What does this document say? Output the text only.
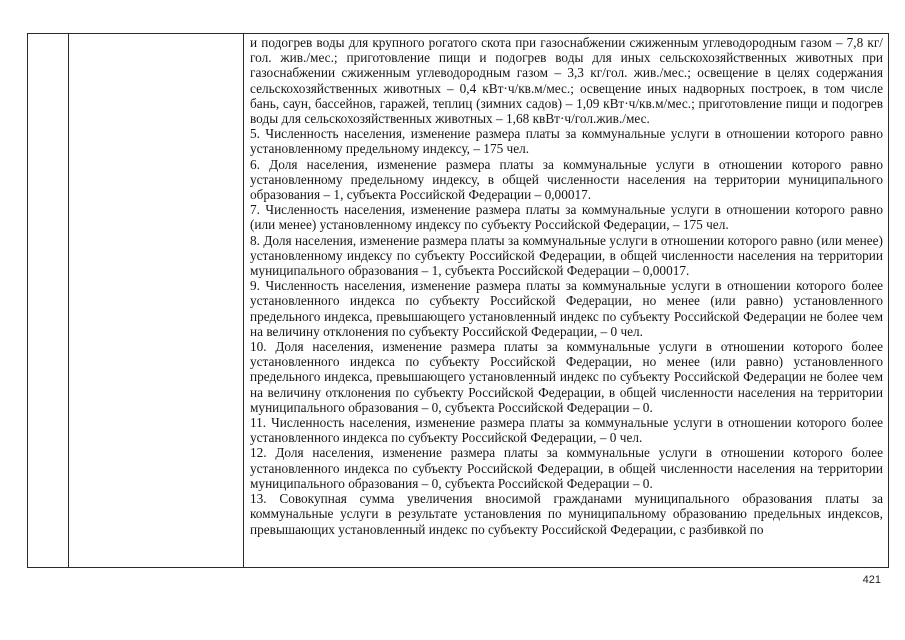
и подогрев воды для крупного рогатого скота при газоснабжении сжиженным углеводородным газом – 7,8 кг/гол. жив./мес.; приготовление пищи и подогрев воды для иных сельскохозяйственных животных при газоснабжении сжиженным углеводородным газом – 3,3 кг/гол. жив./мес.; освещение в целях содержания сельскохозяйственных животных – 0,4 кВт·ч/кв.м/мес.; освещение иных надворных построек, в том числе бань, саун, бассейнов, гаражей, теплиц (зимних садов) – 1,09 кВт·ч/кв.м/мес.; приготовление пищи и подогрев воды для сельскохозяйственных животных – 1,68 квВт·ч/гол.жив./мес.

5. Численность населения, изменение размера платы за коммунальные услуги в отношении которого равно установленному предельному индексу, – 175 чел.

6. Доля населения, изменение размера платы за коммунальные услуги в отношении которого равно установленному предельному индексу, в общей численности населения на территории муниципального образования – 1, субъекта Российской Федерации – 0,00017.

7. Численность населения, изменение размера платы за коммунальные услуги в отношении которого равно (или менее) установленному индексу по субъекту Российской Федерации, – 175 чел.

8. Доля населения, изменение размера платы за коммунальные услуги в отношении которого равно (или менее) установленному индексу по субъекту Российской Федерации, в общей численности населения на территории муниципального образования – 1, субъекта Российской Федерации – 0,00017.

9. Численность населения, изменение размера платы за коммунальные услуги в отношении которого более установленного индекса по субъекту Российской Федерации, но менее (или равно) установленного предельного индекса, превышающего установленный индекс по субъекту Российской Федерации не более чем на величину отклонения по субъекту Российской Федерации, – 0 чел.

10. Доля населения, изменение размера платы за коммунальные услуги в отношении которого более установленного индекса по субъекту Российской Федерации, но менее (или равно) установленного предельного индекса, превышающего установленный индекс по субъекту Российской Федерации не более чем на величину отклонения по субъекту Российской Федерации, в общей численности населения на территории муниципального образования – 0, субъекта Российской Федерации – 0.

11. Численность населения, изменение размера платы за коммунальные услуги в отношении которого более установленного индекса по субъекту Российской Федерации, – 0 чел.

12. Доля населения, изменение размера платы за коммунальные услуги в отношении которого более установленного индекса по субъекту Российской Федерации, в общей численности населения на территории муниципального образования – 0, субъекта Российской Федерации – 0.

13. Совокупная сумма увеличения вносимой гражданами муниципального образования платы за коммунальные услуги в результате установления по муниципальному образованию предельных индексов, превышающих установленный индекс по субъекту Российской Федерации, с разбивкой по

421
